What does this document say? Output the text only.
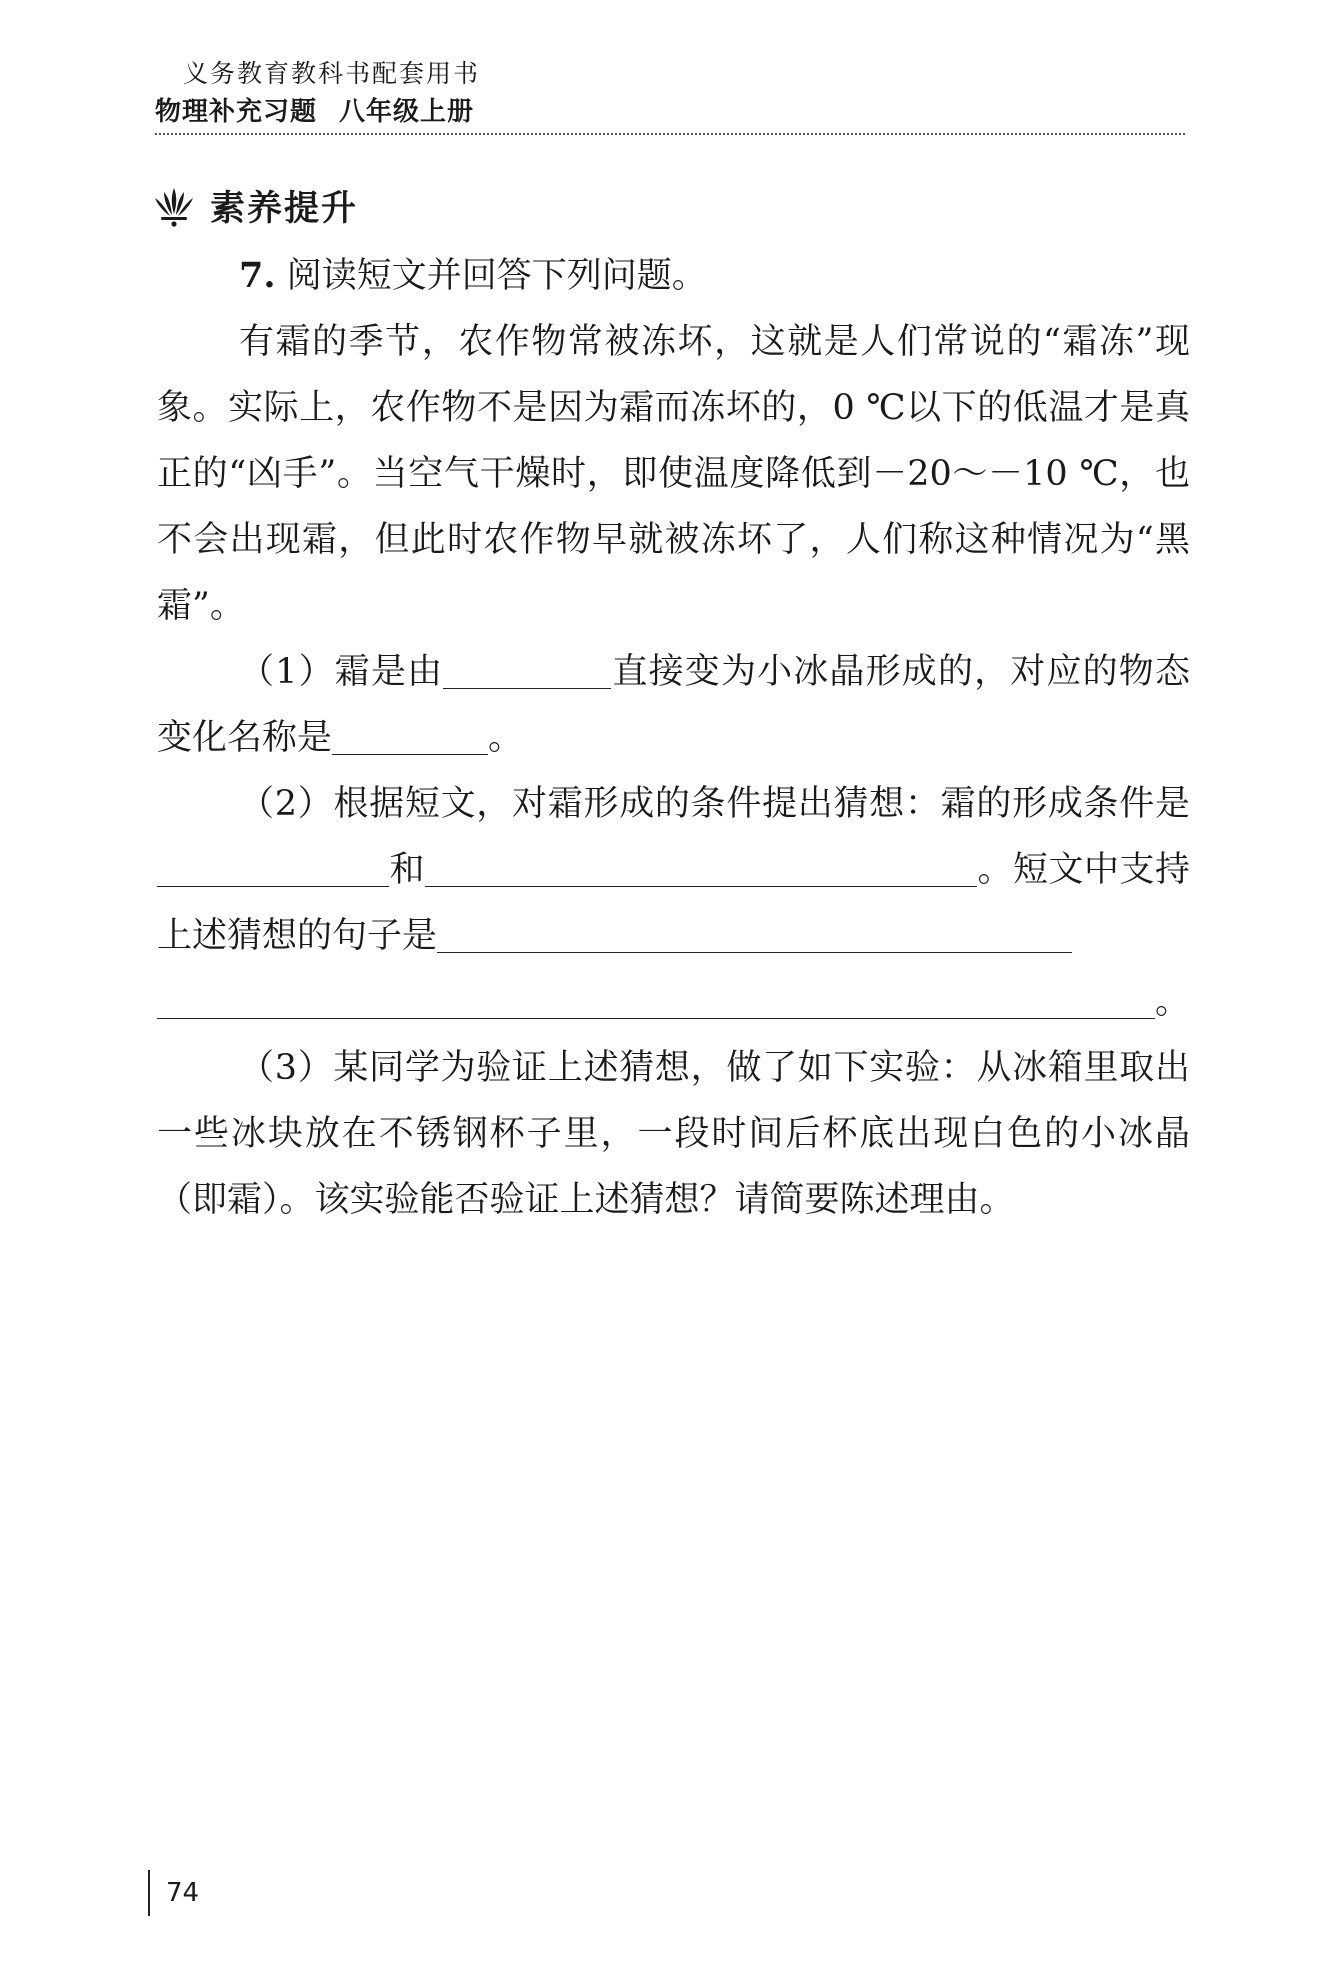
义务教育教科书配套用书
物理补充习题 八年级上册
素养提升

7. 阅读短文并回答下列问题。

有霜的季节，农作物常被冻坏，这就是人们常说的“霜冻”现象。实际上，农作物不是因为霜而冻坏的，0 ℃以下的低温才是真正的“凶手”。当空气干燥时，即使温度降低到－20～－10 ℃，也不会出现霜，但此时农作物早就被冻坏了，人们称这种情况为“黑霜”。

（1）霜是由	直接变为小冰晶形成的，对应的物态变化名称是	。

（2）根据短文，对霜形成的条件提出猜想：霜的形成条件是和	。短文中支持上述猜想的句子是

。

（3）某同学为验证上述猜想，做了如下实验：从冰箱里取出一些冰块放在不锈钢杯子里，一段时间后杯底出现白色的小冰晶（即霜）。该实验能否验证上述猜想？请简要陈述理由。

74
